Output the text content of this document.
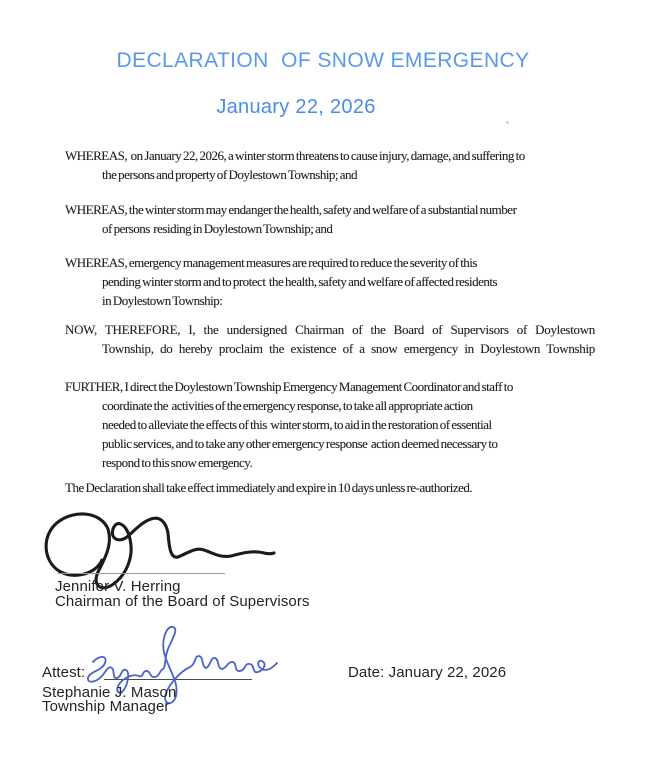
DECLARATION  OF SNOW EMERGENCY
January 22, 2026
WHEREAS,  on January 22, 2026, a winter storm threatens to cause injury, damage, and suffering to
the persons and property of Doylestown Township; and
WHEREAS, the winter storm may endanger the health, safety and welfare of a substantial number
of persons  residing in Doylestown Township; and
WHEREAS, emergency management measures are required to reduce the severity of this
pending winter storm and to protect  the health, safety and welfare of affected residents
in Doylestown Township:
NOW, THEREFORE, I, the undersigned Chairman of the Board of Supervisors of Doylestown
Township, do hereby proclaim the existence of a snow emergency in Doylestown Township
FURTHER, I direct the Doylestown Township Emergency Management Coordinator and staff to
coordinate the  activities of the emergency response, to take all appropriate action
needed to alleviate the effects of this  winter storm, to aid in the restoration of essential
public services, and to take any other emergency response  action deemed necessary to
respond to this snow emergency.
The Declaration shall take effect immediately and expire in 10 days unless re-authorized.
Jennifer V. Herring
Chairman of the Board of Supervisors
Attest:
Stephanie J. Mason
Township Manager
Date: January 22, 2026
